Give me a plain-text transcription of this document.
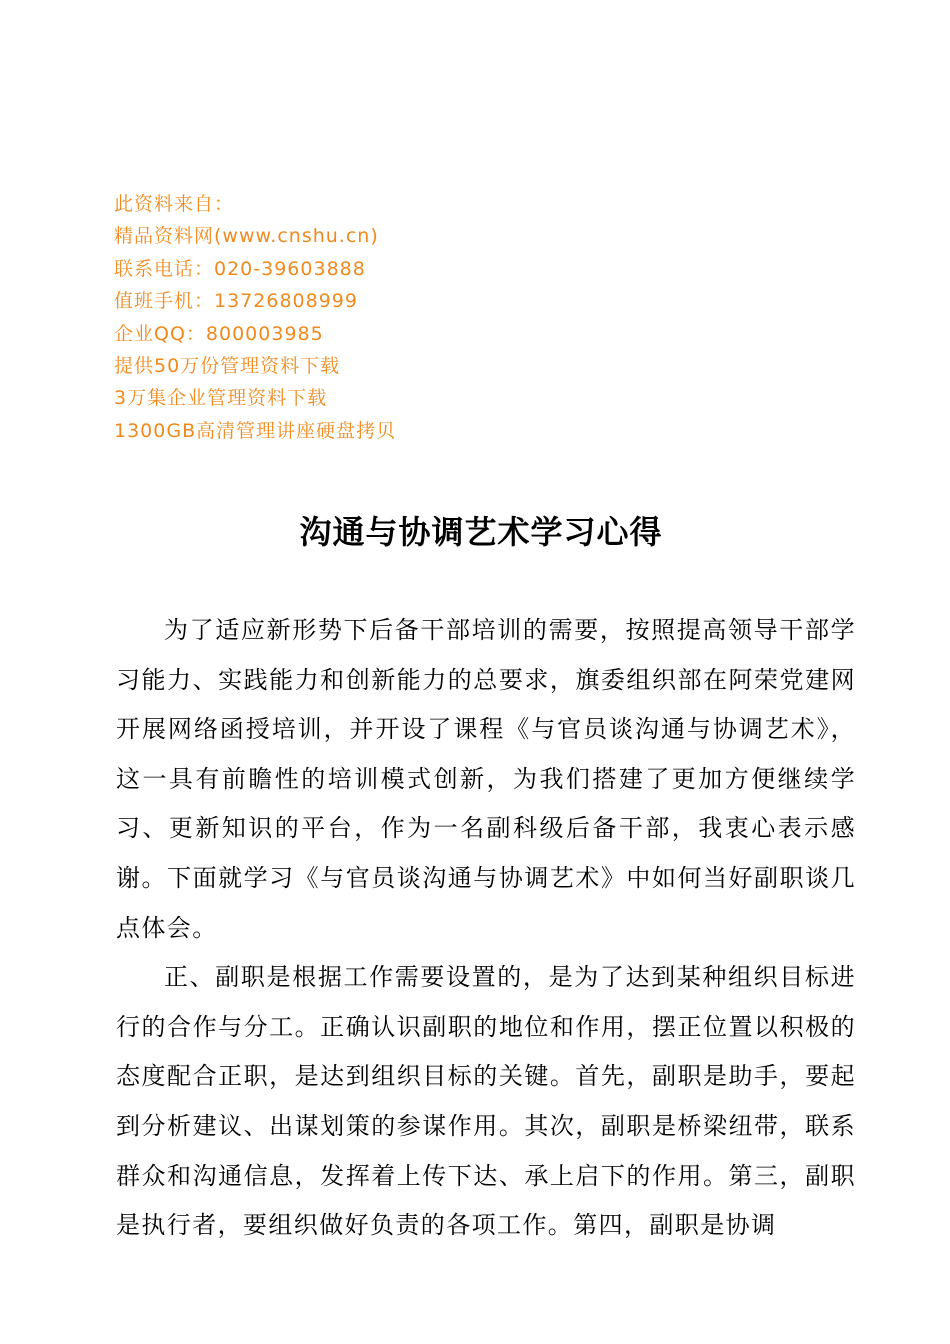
此资料来自：
精品资料网(www.cnshu.cn)
联系电话：020-39603888
值班手机：13726808999
企业QQ：800003985
提供50万份管理资料下载
3万集企业管理资料下载
1300GB高清管理讲座硬盘拷贝
沟通与协调艺术学习心得

为了适应新形势下后备干部培训的需要，按照提高领导干部学习能力、实践能力和创新能力的总要求，旗委组织部在阿荣党建网开展网络函授培训，并开设了课程《与官员谈沟通与协调艺术》，这一具有前瞻性的培训模式创新，为我们搭建了更加方便继续学习、更新知识的平台，作为一名副科级后备干部，我衷心表示感谢。下面就学习《与官员谈沟通与协调艺术》中如何当好副职谈几点体会。

正、副职是根据工作需要设置的，是为了达到某种组织目标进行的合作与分工。正确认识副职的地位和作用，摆正位置以积极的态度配合正职，是达到组织目标的关键。首先，副职是助手，要起到分析建议、出谋划策的参谋作用。其次，副职是桥梁纽带，联系群众和沟通信息，发挥着上传下达、承上启下的作用。第三，副职是执行者，要组织做好负责的各项工作。第四，副职是协调
